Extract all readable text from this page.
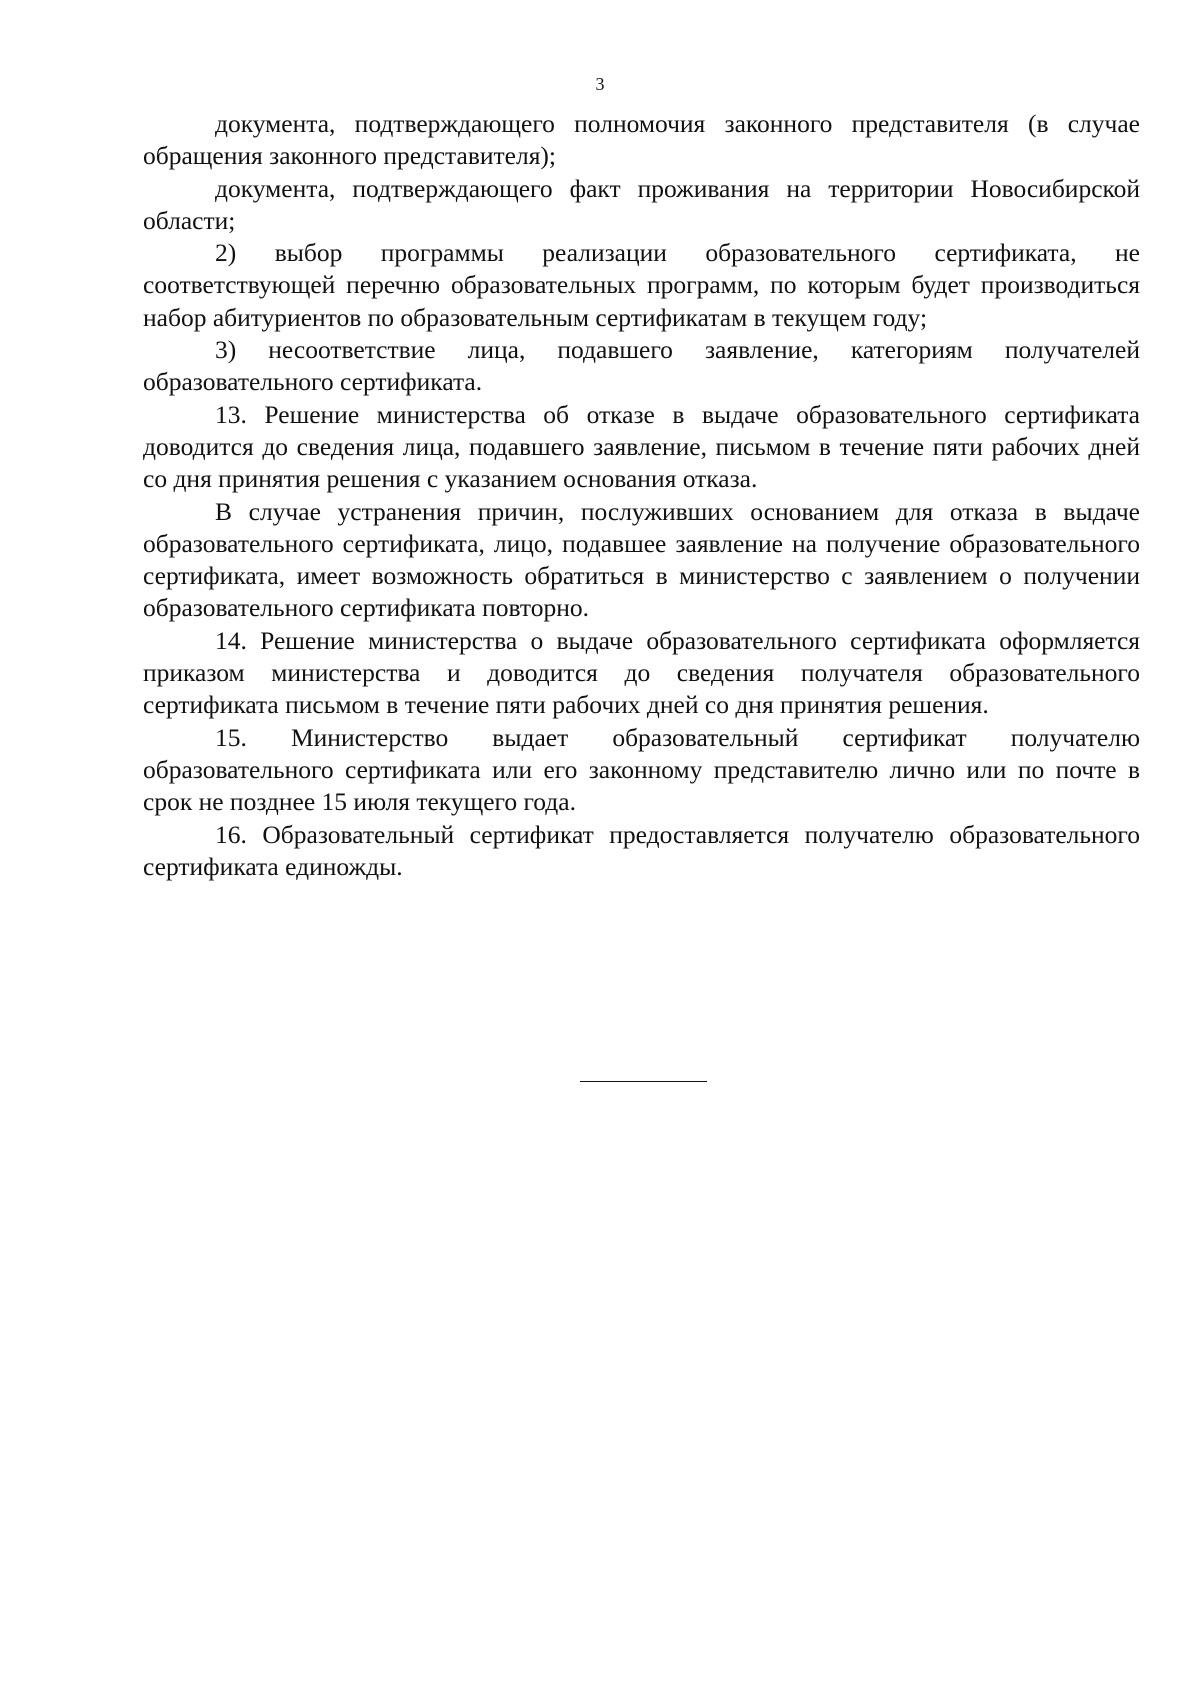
3

документа, подтверждающего полномочия законного представителя (в случае обращения законного представителя);

документа, подтверждающего факт проживания на территории Новосибирской области;

2) выбор программы реализации образовательного сертификата, не соответствующей перечню образовательных программ, по которым будет производиться набор абитуриентов по образовательным сертификатам в текущем году;

3) несоответствие лица, подавшего заявление, категориям получателей образовательного сертификата.

13. Решение министерства об отказе в выдаче образовательного сертификата доводится до сведения лица, подавшего заявление, письмом в течение пяти рабочих дней со дня принятия решения с указанием основания отказа.

В случае устранения причин, послуживших основанием для отказа в выдаче образовательного сертификата, лицо, подавшее заявление на получение образовательного сертификата, имеет возможность обратиться в министерство с заявлением о получении образовательного сертификата повторно.

14. Решение министерства о выдаче образовательного сертификата оформляется приказом министерства и доводится до сведения получателя образовательного сертификата письмом в течение пяти рабочих дней со дня принятия решения.

15. Министерство выдает образовательный сертификат получателю образовательного сертификата или его законному представителю лично или по почте в срок не позднее 15 июля текущего года.

16. Образовательный сертификат предоставляется получателю образовательного сертификата единожды.
